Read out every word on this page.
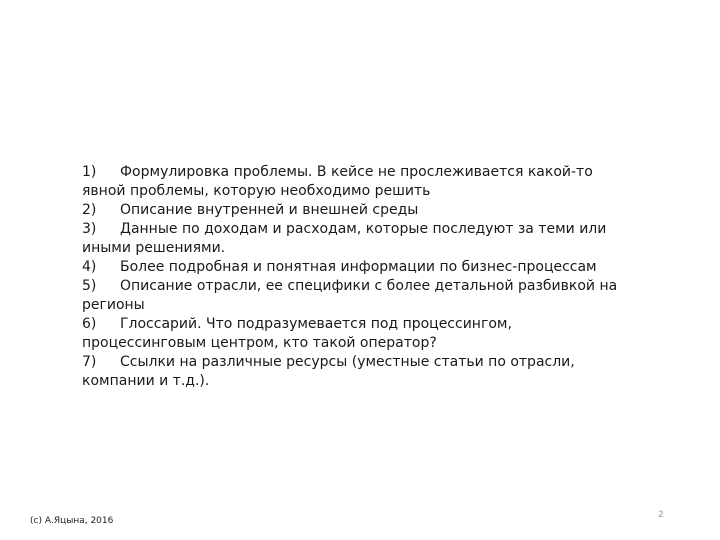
1) Формулировка проблемы. В кейсе не прослеживается какой-то явной проблемы, которую необходимо решить

2) Описание внутренней и внешней среды

3) Данные по доходам и расходам, которые последуют за теми или иными решениями.

4) Более подробная и понятная информации по бизнес-процессам

5) Описание отрасли, ее специфики с более детальной разбивкой на регионы

6) Глоссарий. Что подразумевается под процессингом, процессинговым центром, кто такой оператор?

7) Ссылки на различные ресурсы (уместные статьи по отрасли, компании и т.д.).

(c) А.Яцына, 2016
2
